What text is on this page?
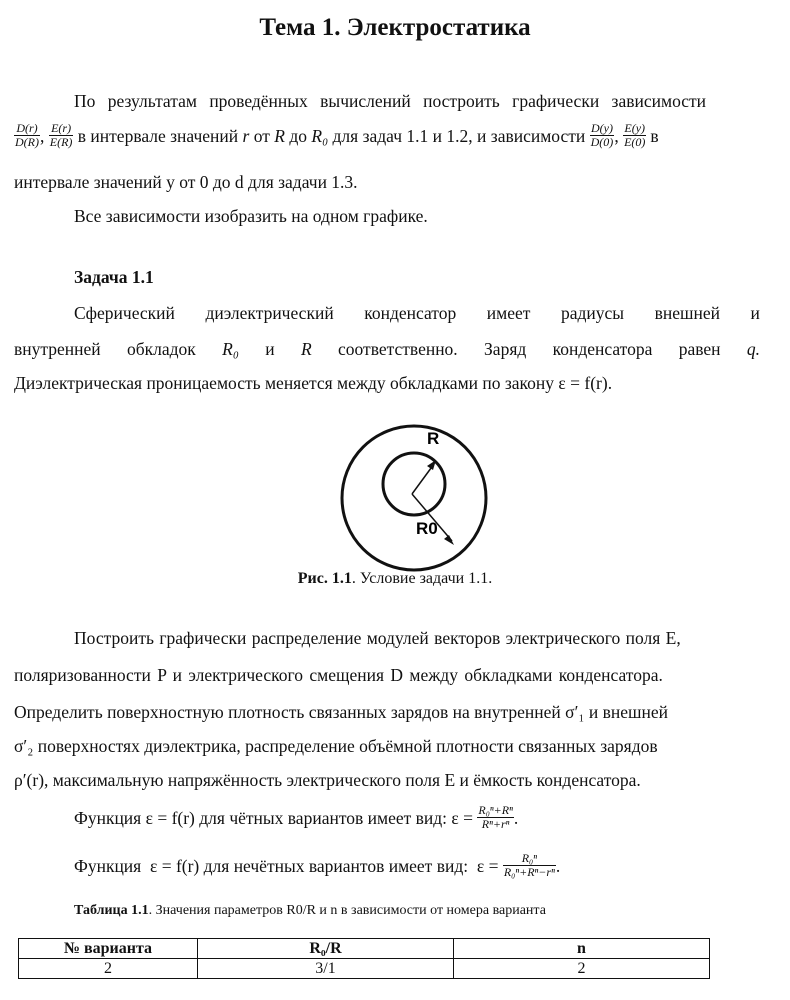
Тема 1. Электростатика
По результатам проведённых вычислений построить графически зависимости
$\frac{D(r)}{D(R)}$ , $\frac{E(r)}{E(R)}$ в интервале значений r от R до R₀ для задач 1.1 и 1.2, и зависимости $\frac{D(y)}{D(0)}$ , $\frac{E(y)}{E(0)}$ в
интервале значений y от 0 до d для задачи 1.3.
Все зависимости изобразить на одном графике.
Задача 1.1
Сферический диэлектрический конденсатор имеет радиусы внешней и
внутренней обкладок R₀ и R соответственно. Заряд конденсатора равен q.
Диэлектрическая проницаемость меняется между обкладками по закону ε = f(r).
R
R0
Рис. 1.1. Условие задачи 1.1.
Построить графически распределение модулей векторов электрического поля E,
поляризованности P и электрического смещения D между обкладками конденсатора.
Определить поверхностную плотность связанных зарядов на внутренней σ′₁ и внешней
σ′₂ поверхностях диэлектрика, распределение объёмной плотности связанных зарядов
ρ′(r), максимальную напряжённость электрического поля E и ёмкость конденсатора.
Функция ε = f(r) для чётных вариантов имеет вид: ε =
$\frac{\text{R₀ⁿ+Rⁿ}}{\text{Rⁿ+rⁿ}}$ .
Функция  ε = f(r) для нечётных вариантов имеет вид:  ε =
$\frac{\text{R₀ⁿ}}{\text{R₀ⁿ+Rⁿ−rⁿ}}$ .
Таблица 1.1. Значения параметров R0/R и n в зависимости от номера варианта
№ варианта	R₀/R	n
2	3/1	2
